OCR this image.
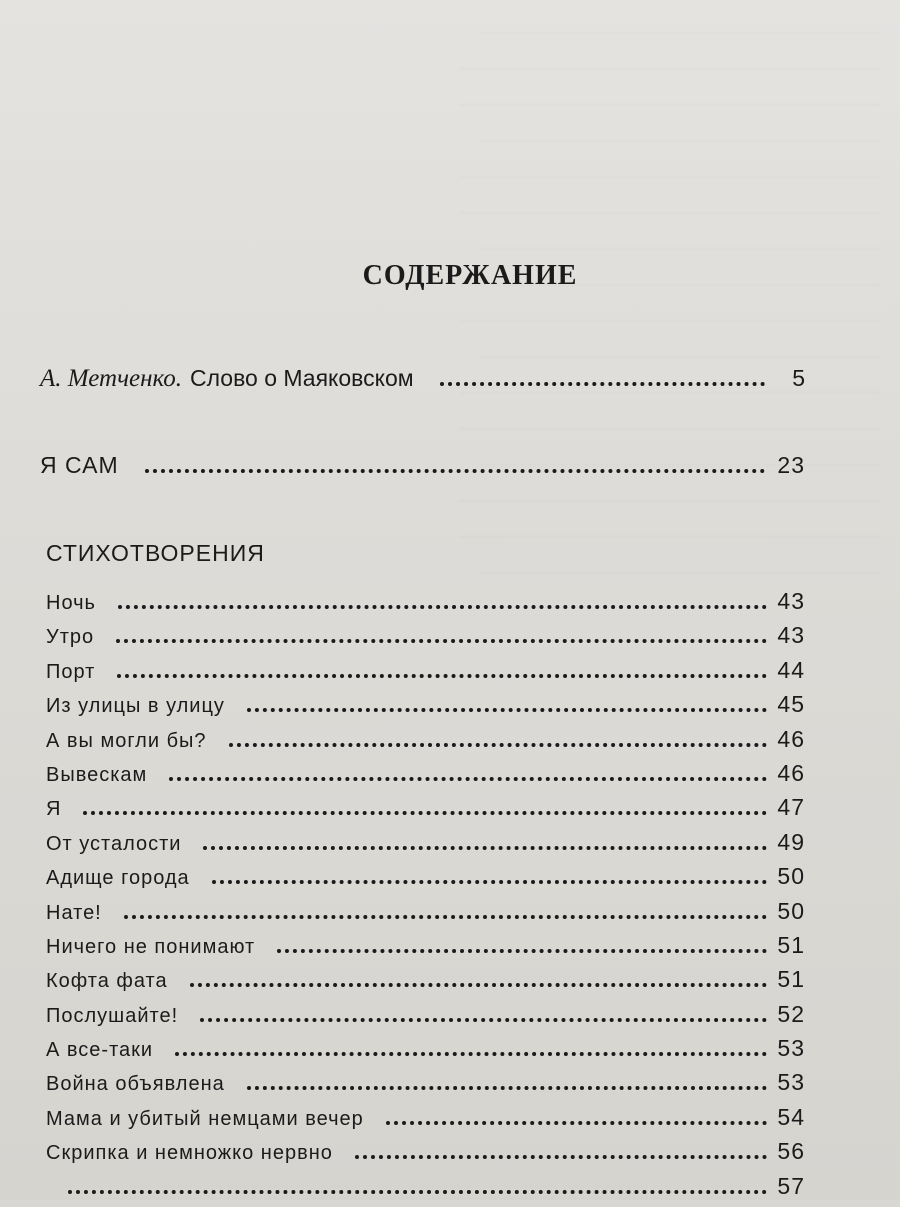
СОДЕРЖАНИЕ
А. Метченко. Слово о Маяковском	5
Я САМ	23
СТИХОТВОРЕНИЯ
Ночь	43
Утро	43
Порт	44
Из улицы в улицу	45
А вы могли бы?	46
Вывескам	46
Я	47
От усталости	49
Адище города	50
Нате!	50
Ничего не понимают	51
Кофта фата	51
Послушайте!	52
А все-таки	53
Война объявлена	53
Мама и убитый немцами вечер	54
Скрипка и немножко нервно	56
57
